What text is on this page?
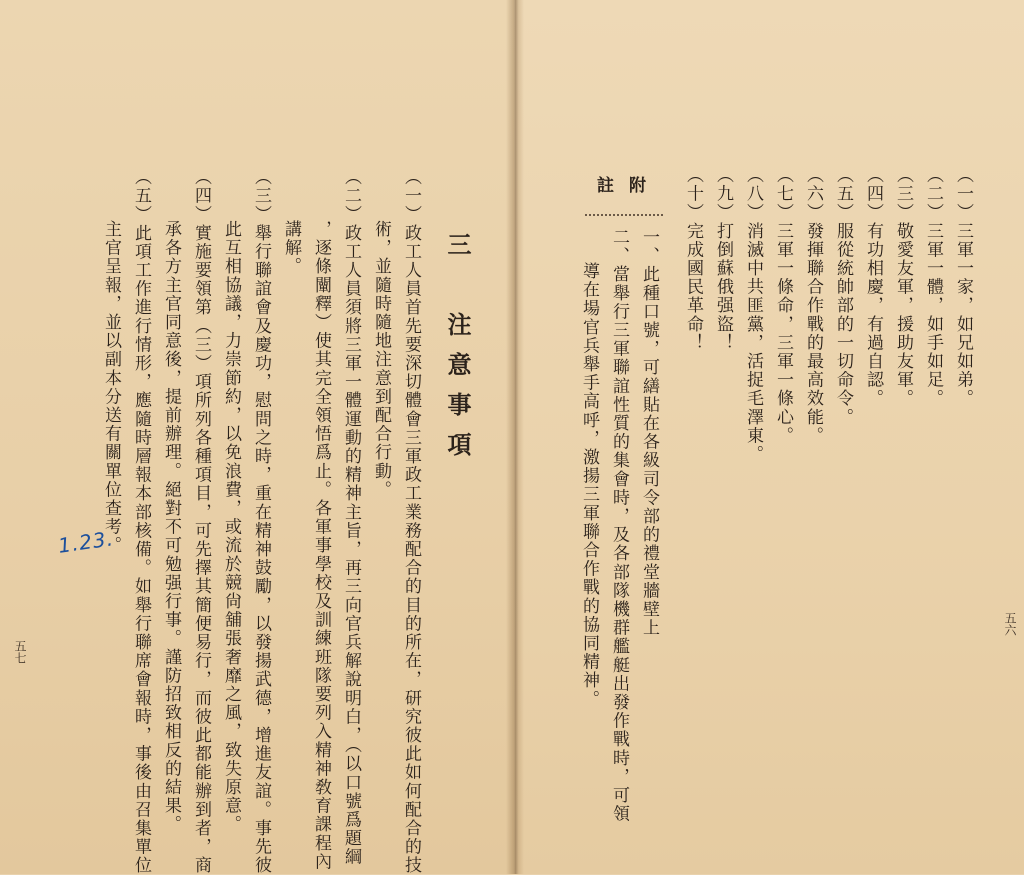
三　注意事項
（一）政工人員首先要深切體會三軍政工業務配合的目的所在，研究彼此如何配合的技
術，並隨時隨地注意到配合行動。
（二）政工人員須將三軍一體運動的精神主旨，再三向官兵解說明白，（以口號爲題綱
，逐條闡釋）使其完全領悟爲止。各軍事學校及訓練班隊要列入精神敎育課程內
講解。
（三）舉行聯誼會及慶功，慰問之時，重在精神鼓勵，以發揚武德，增進友誼。事先彼
此互相協議，力崇節約，以免浪費，或流於競尙舖張奢靡之風，致失原意。
（四）實施要領第（三）項所列各種項目，可先擇其簡便易行，而彼此都能辦到者，商
承各方主官同意後，提前辦理。絕對不可勉强行事。謹防招致相反的結果。
（五）此項工作進行情形，應隨時層報本部核備。如舉行聯席會報時，事後由召集單位
主官呈報，並以副本分送有關單位查考。
1.23.
五七
（一）三軍一家，如兄如弟。
（二）三軍一體，如手如足。
（三）敬愛友軍，援助友軍。
（四）有功相慶，有過自認。
（五）服從統帥部的一切命令。
（六）發揮聯合作戰的最高效能。
（七）三軍一條命，三軍一條心。
（八）消滅中共匪黨，活捉毛澤東。
（九）打倒蘇俄强盜！
（十）完成國民革命！
附
註
一、此種口號，可繕貼在各級司令部的禮堂牆壁上
二、當舉行三軍聯誼性質的集會時，及各部隊機群艦艇出發作戰時，可領
導在場官兵舉手高呼，激揚三軍聯合作戰的協同精神。	五六
